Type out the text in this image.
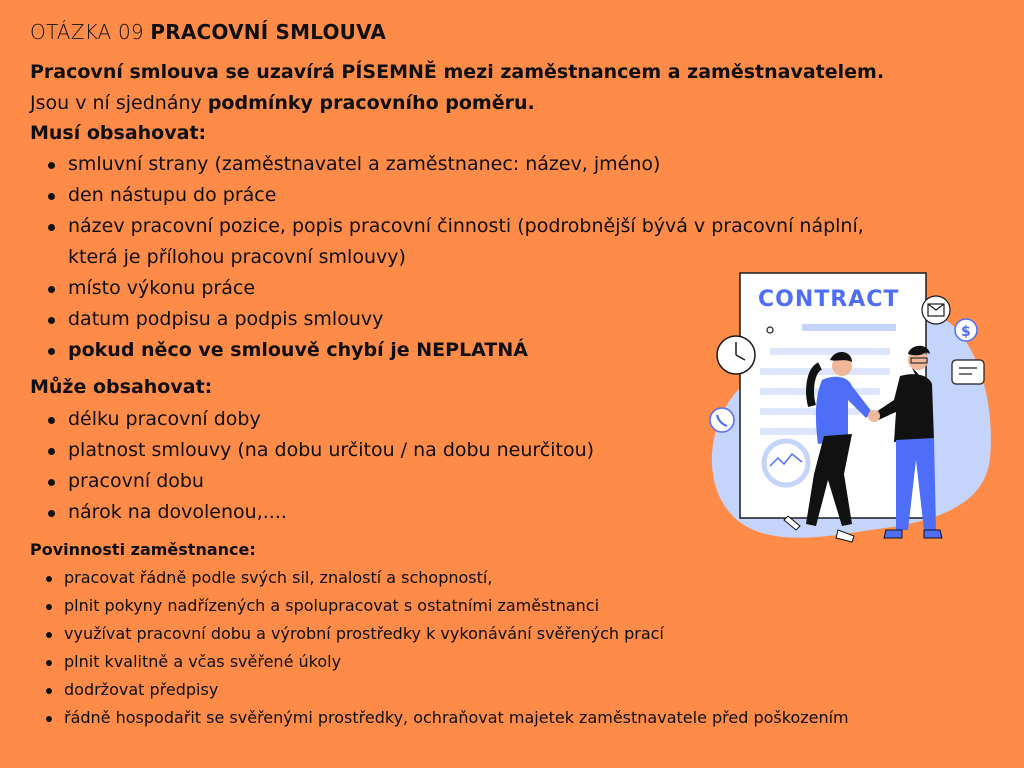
OTÁZKA 09 PRACOVNÍ SMLOUVA
Pracovní smlouva se uzavírá PÍSEMNĚ mezi zaměstnancem a zaměstnavatelem.
Jsou v ní sjednány podmínky pracovního poměru.
Musí obsahovat:
smluvní strany (zaměstnavatel a zaměstnanec: název, jméno)
den nástupu do práce
název pracovní pozice, popis pracovní činnosti (podrobnější bývá v pracovní náplní, která je přílohou pracovní smlouvy)
místo výkonu práce
datum podpisu a podpis smlouvy
pokud něco ve smlouvě chybí je NEPLATNÁ
Může obsahovat:
délku pracovní doby
platnost smlouvy (na dobu určitou / na dobu neurčitou)
pracovní dobu
nárok na dovolenou,....
Povinnosti zaměstnance:
pracovat řádně podle svých sil, znalostí a schopností,
plnit pokyny nadřízených a spolupracovat s ostatními zaměstnanci
využívat pracovní dobu a výrobní prostředky k vykonávání svěřených prací
plnit kvalitně a včas svěřené úkoly
dodržovat předpisy
řádně hospodařit se svěřenými prostředky, ochraňovat majetek zaměstnavatele před poškozením
CONTRACT
$
